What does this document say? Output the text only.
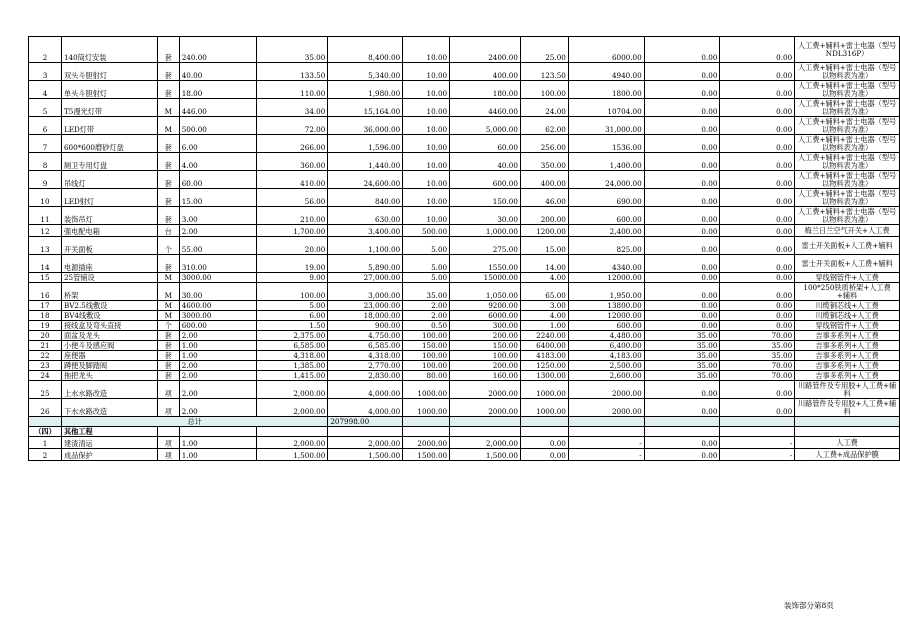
2	140筒灯安装	套	240.00	35.00	8,400.00	10.00	2400.00	25.00	6000.00	0.00	0.00	人工费+辅料+雷士电器（型号NDL316P）
3	双头斗胆射灯	套	40.00	133.50	5,340.00	10.00	400.00	123.50	4940.00	0.00	0.00	人工费+辅料+雷士电器（型号以物料表为准）
4	单头斗胆射灯	套	18.00	110.00	1,980.00	10.00	180.00	100.00	1800.00	0.00	0.00	人工费+辅料+雷士电器（型号以物料表为准）
5	T5漫光灯带	M	446.00	34.00	15,164.00	10.00	4460.00	24.00	10704.00	0.00	0.00	人工费+辅料+雷士电器（型号以物料表为准）
6	LED灯带	M	500.00	72.00	36,000.00	10.00	5,000.00	62.00	31,000.00	0.00	0.00	人工费+辅料+雷士电器（型号以物料表为准）
7	600*600磨砂灯盘	套	6.00	266.00	1,596.00	10.00	60.00	256.00	1536.00	0.00	0.00	人工费+辅料+雷士电器（型号以物料表为准）
8	厕卫专用灯盘	套	4.00	360.00	1,440.00	10.00	40.00	350.00	1,400.00	0.00	0.00	人工费+辅料+雷士电器（型号以物料表为准）
9	吊线灯	套	60.00	410.00	24,600.00	10.00	600.00	400.00	24,000.00	0.00	0.00	人工费+辅料+雷士电器（型号以物料表为准）
10	LED射灯	套	15.00	56.00	840.00	10.00	150.00	46.00	690.00	0.00	0.00	人工费+辅料+雷士电器（型号以物料表为准）
11	装饰吊灯	套	3.00	210.00	630.00	10.00	30.00	200.00	600.00	0.00	0.00	人工费+辅料+雷士电器（型号以物料表为准）
12	强电配电箱	台	2.00	1,700.00	3,400.00	500.00	1,000.00	1200.00	2,400.00	0.00	0.00	梅兰日兰空气开关+人工费
13	开关面板	个	55.00	20.00	1,100.00	5.00	275.00	15.00	825.00	0.00	0.00	雷士开关面板+人工费+辅料
14	电源插座	套	310.00	19.00	5,890.00	5.00	1550.00	14.00	4340.00	0.00	0.00	雷士开关面板+人工费+辅料
15	25管铺设	M	3000.00	9.00	27,000.00	5.00	15000.00	4.00	12000.00	0.00	0.00	穿线钢管件+人工费
16	桥架	M	30.00	100.00	3,000.00	35.00	1,050.00	65.00	1,950.00	0.00	0.00	100*250铁质桥架+人工费+辅料
17	BV2.5线敷设	M	4600.00	5.00	23,000.00	2.00	9200.00	3.00	13800.00	0.00	0.00	川缆铜芯线+人工费
18	BV4线敷设	M	3000.00	6.00	18,000.00	2.00	6000.00	4.00	12000.00	0.00	0.00	川缆铜芯线+人工费
19	接线盒及弯头直接	个	600.00	1.50	900.00	0.50	300.00	1.00	600.00	0.00	0.00	穿线钢管件+人工费
20	面盆及龙头	套	2.00	2,375.00	4,750.00	100.00	200.00	2240.00	4,480.00	35.00	70.00	吉事多系列+人工费
21	小便斗及感应阀	套	1.00	6,585.00	6,585.00	150.00	150.00	6400.00	6,400.00	35.00	35.00	吉事多系列+人工费
22	座便器	套	1.00	4,318.00	4,318.00	100.00	100.00	4183.00	4,183.00	35.00	35.00	吉事多系列+人工费
23	蹲便及脚踏阀	套	2.00	1,385.00	2,770.00	100.00	200.00	1250.00	2,500.00	35.00	70.00	吉事多系列+人工费
24	拖把龙头	套	2.00	1,415.00	2,830.00	80.00	160.00	1300.00	2,600.00	35.00	70.00	吉事多系列+人工费
25	上水水路改造	项	2.00	2,000.00	4,000.00	1000.00	2000.00	1000.00	2000.00	0.00	0.00	川路管件及专用胶+人工费+辅料
26	下水水路改造	项	2.00	2,000.00	4,000.00	1000.00	2000.00	1000.00	2000.00	0.00	0.00	川路管件及专用胶+人工费+辅料
	总计				207998.00							
（四）	其他工程											
1	建渣清运	项	1.00	2,000.00	2,000.00	2000.00	2,000.00	0.00	-	0.00	-	人工费
2	成品保护	项	1.00	1,500.00	1,500.00	1500.00	1,500.00	0.00	-	0.00	-	人工费+成品保护膜
装饰部分第8页
